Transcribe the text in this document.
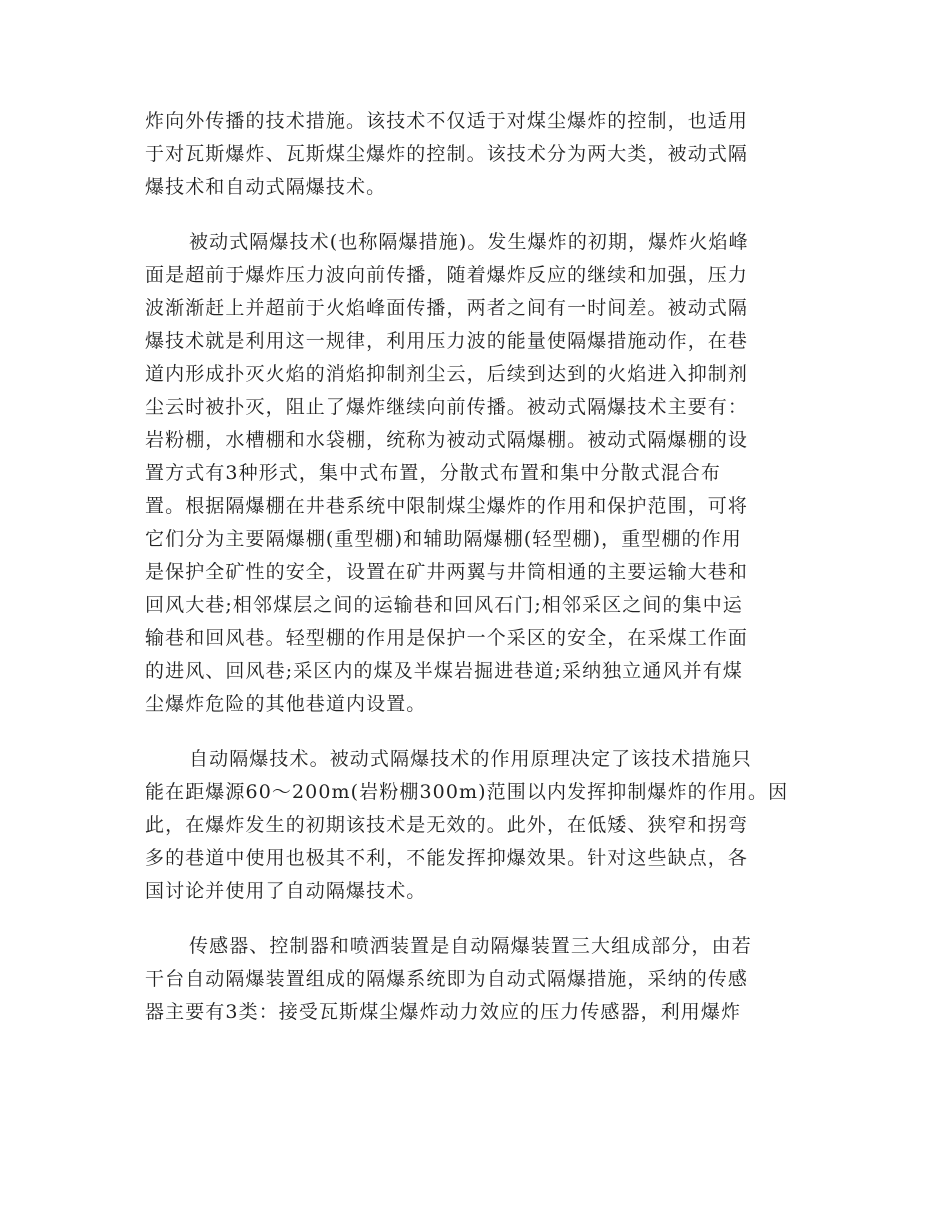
炸向外传播的技术措施。该技术不仅适于对煤尘爆炸的控制，也适用
于对瓦斯爆炸、瓦斯煤尘爆炸的控制。该技术分为两大类，被动式隔
爆技术和自动式隔爆技术。

被动式隔爆技术(也称隔爆措施)。发生爆炸的初期，爆炸火焰峰
面是超前于爆炸压力波向前传播，随着爆炸反应的继续和加强，压力
波渐渐赶上并超前于火焰峰面传播，两者之间有一时间差。被动式隔
爆技术就是利用这一规律，利用压力波的能量使隔爆措施动作，在巷
道内形成扑灭火焰的消焰抑制剂尘云，后续到达到的火焰进入抑制剂
尘云时被扑灭，阻止了爆炸继续向前传播。被动式隔爆技术主要有：
岩粉棚，水槽棚和水袋棚，统称为被动式隔爆棚。被动式隔爆棚的设
置方式有3种形式，集中式布置，分散式布置和集中分散式混合布
置。根据隔爆棚在井巷系统中限制煤尘爆炸的作用和保护范围，可将
它们分为主要隔爆棚(重型棚)和辅助隔爆棚(轻型棚)，重型棚的作用
是保护全矿性的安全，设置在矿井两翼与井筒相通的主要运输大巷和
回风大巷;相邻煤层之间的运输巷和回风石门;相邻采区之间的集中运
输巷和回风巷。轻型棚的作用是保护一个采区的安全，在采煤工作面
的进风、回风巷;采区内的煤及半煤岩掘进巷道;采纳独立通风并有煤
尘爆炸危险的其他巷道内设置。

自动隔爆技术。被动式隔爆技术的作用原理决定了该技术措施只
能在距爆源60～200m(岩粉棚300m)范围以内发挥抑制爆炸的作用。因
此，在爆炸发生的初期该技术是无效的。此外，在低矮、狭窄和拐弯
多的巷道中使用也极其不利，不能发挥抑爆效果。针对这些缺点，各
国讨论并使用了自动隔爆技术。

传感器、控制器和喷洒装置是自动隔爆装置三大组成部分，由若
干台自动隔爆装置组成的隔爆系统即为自动式隔爆措施，采纳的传感
器主要有3类：接受瓦斯煤尘爆炸动力效应的压力传感器，利用爆炸
